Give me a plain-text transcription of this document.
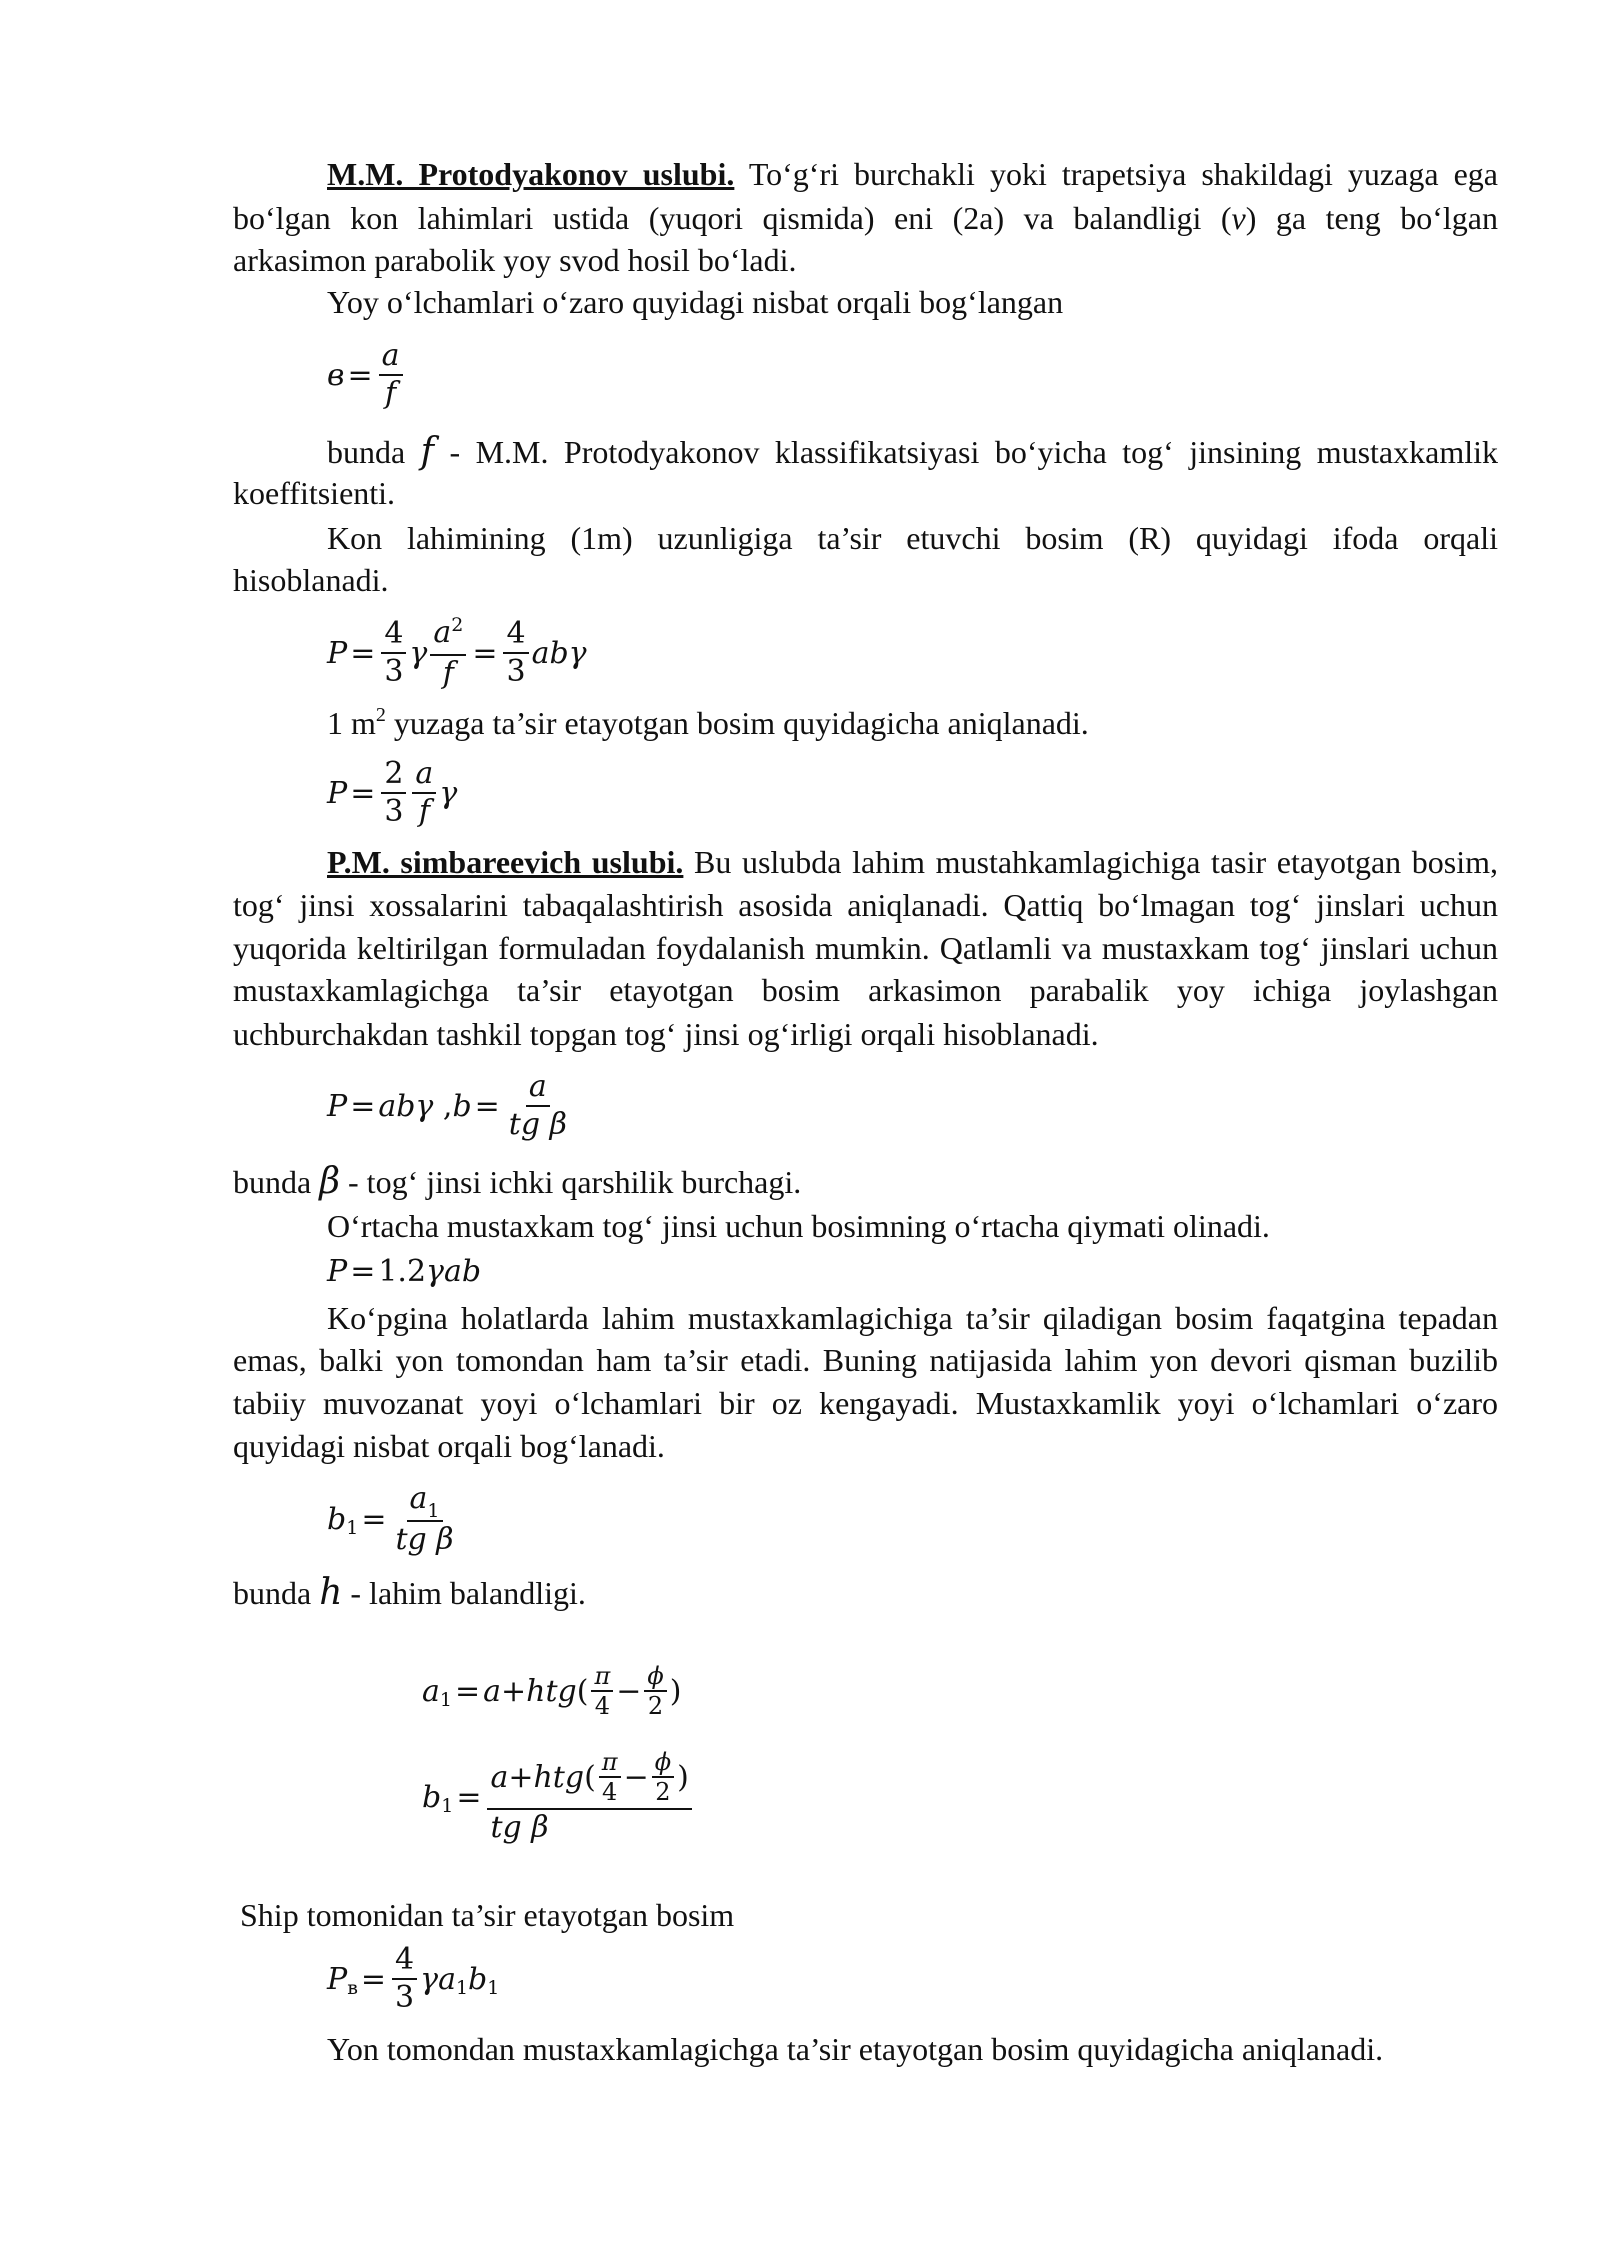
M.M. Protodyakonov uslubi. To‘g‘ri burchakli yoki trapetsiya shakildagi yuzaga ega
bo‘lgan kon lahimlari ustida (yuqori qismida) eni (2a) va balandligi (v) ga teng bo‘lgan
arkasimon parabolik yoy svod hosil bo‘ladi.
Yoy o‘lchamlari o‘zaro quyidagi nisbat orqali bog‘langan
$в = \frac{a}{f}$
bunda f - M.M. Protodyakonov klassifikatsiyasi bo‘yicha tog‘ jinsining mustaxkamlik
koeffitsienti.
Kon lahimining (1m) uzunligiga ta’sir etuvchi bosim (R) quyidagi ifoda orqali
hisoblanadi.
$P = \frac{4}{3}$ γ $\frac{a^2}{f} = \frac{4}{3}$ abγ
1 $m^2$ yuzaga ta’sir etayotgan bosim quyidagicha aniqlanadi.
$P = \frac{2}{3} \frac{a}{f}$ γ
P.M. simbareevich uslubi. Bu uslubda lahim mustahkamlagichiga tasir etayotgan bosim,
tog‘ jinsi xossalarini tabaqalashtirish asosida aniqlanadi. Qattiq bo‘lmagan tog‘ jinslari uchun
yuqorida keltirilgan formuladan foydalanish mumkin. Qatlamli va mustaxkam tog‘ jinslari uchun
mustaxkamlagichga ta’sir etayotgan bosim arkasimon parabalik yoy ichiga joylashgan
uchburchakdan tashkil topgan tog‘ jinsi og‘irligi orqali hisoblanadi.
P = abγ , $b = \frac{a}{\text{tg β}}$
bunda β - tog‘ jinsi ichki qarshilik burchagi.
O‘rtacha mustaxkam tog‘ jinsi uchun bosimning o‘rtacha qiymati olinadi.
P = 1.2 γab
Ko‘pgina holatlarda lahim mustaxkamlagichiga ta’sir qiladigan bosim faqatgina tepadan
emas, balki yon tomondan ham ta’sir etadi. Buning natijasida lahim yon devori qisman buzilib
tabiiy muvozanat yoyi o‘lchamlari bir oz kengayadi. Mustaxkamlik yoyi o‘lchamlari o‘zaro
quyidagi nisbat orqali bog‘lanadi.
b $1 = \frac{a_1}{\text{tg β}}$
bunda h - lahim balandligi.
a 1 = a + htg ( $\frac{\pi}{4} - \frac{\phi}{2}$ )
b $1 = \frac{a + htg ( \frac{\pi}{4} - \frac{\phi}{2} )}{\text{tg β}}$
Ship tomonidan ta’sir etayotgan bosim
P $в = \frac{4}{3}$ γ a 1 b 1
Yon tomondan mustaxkamlagichga ta’sir etayotgan bosim quyidagicha aniqlanadi.
